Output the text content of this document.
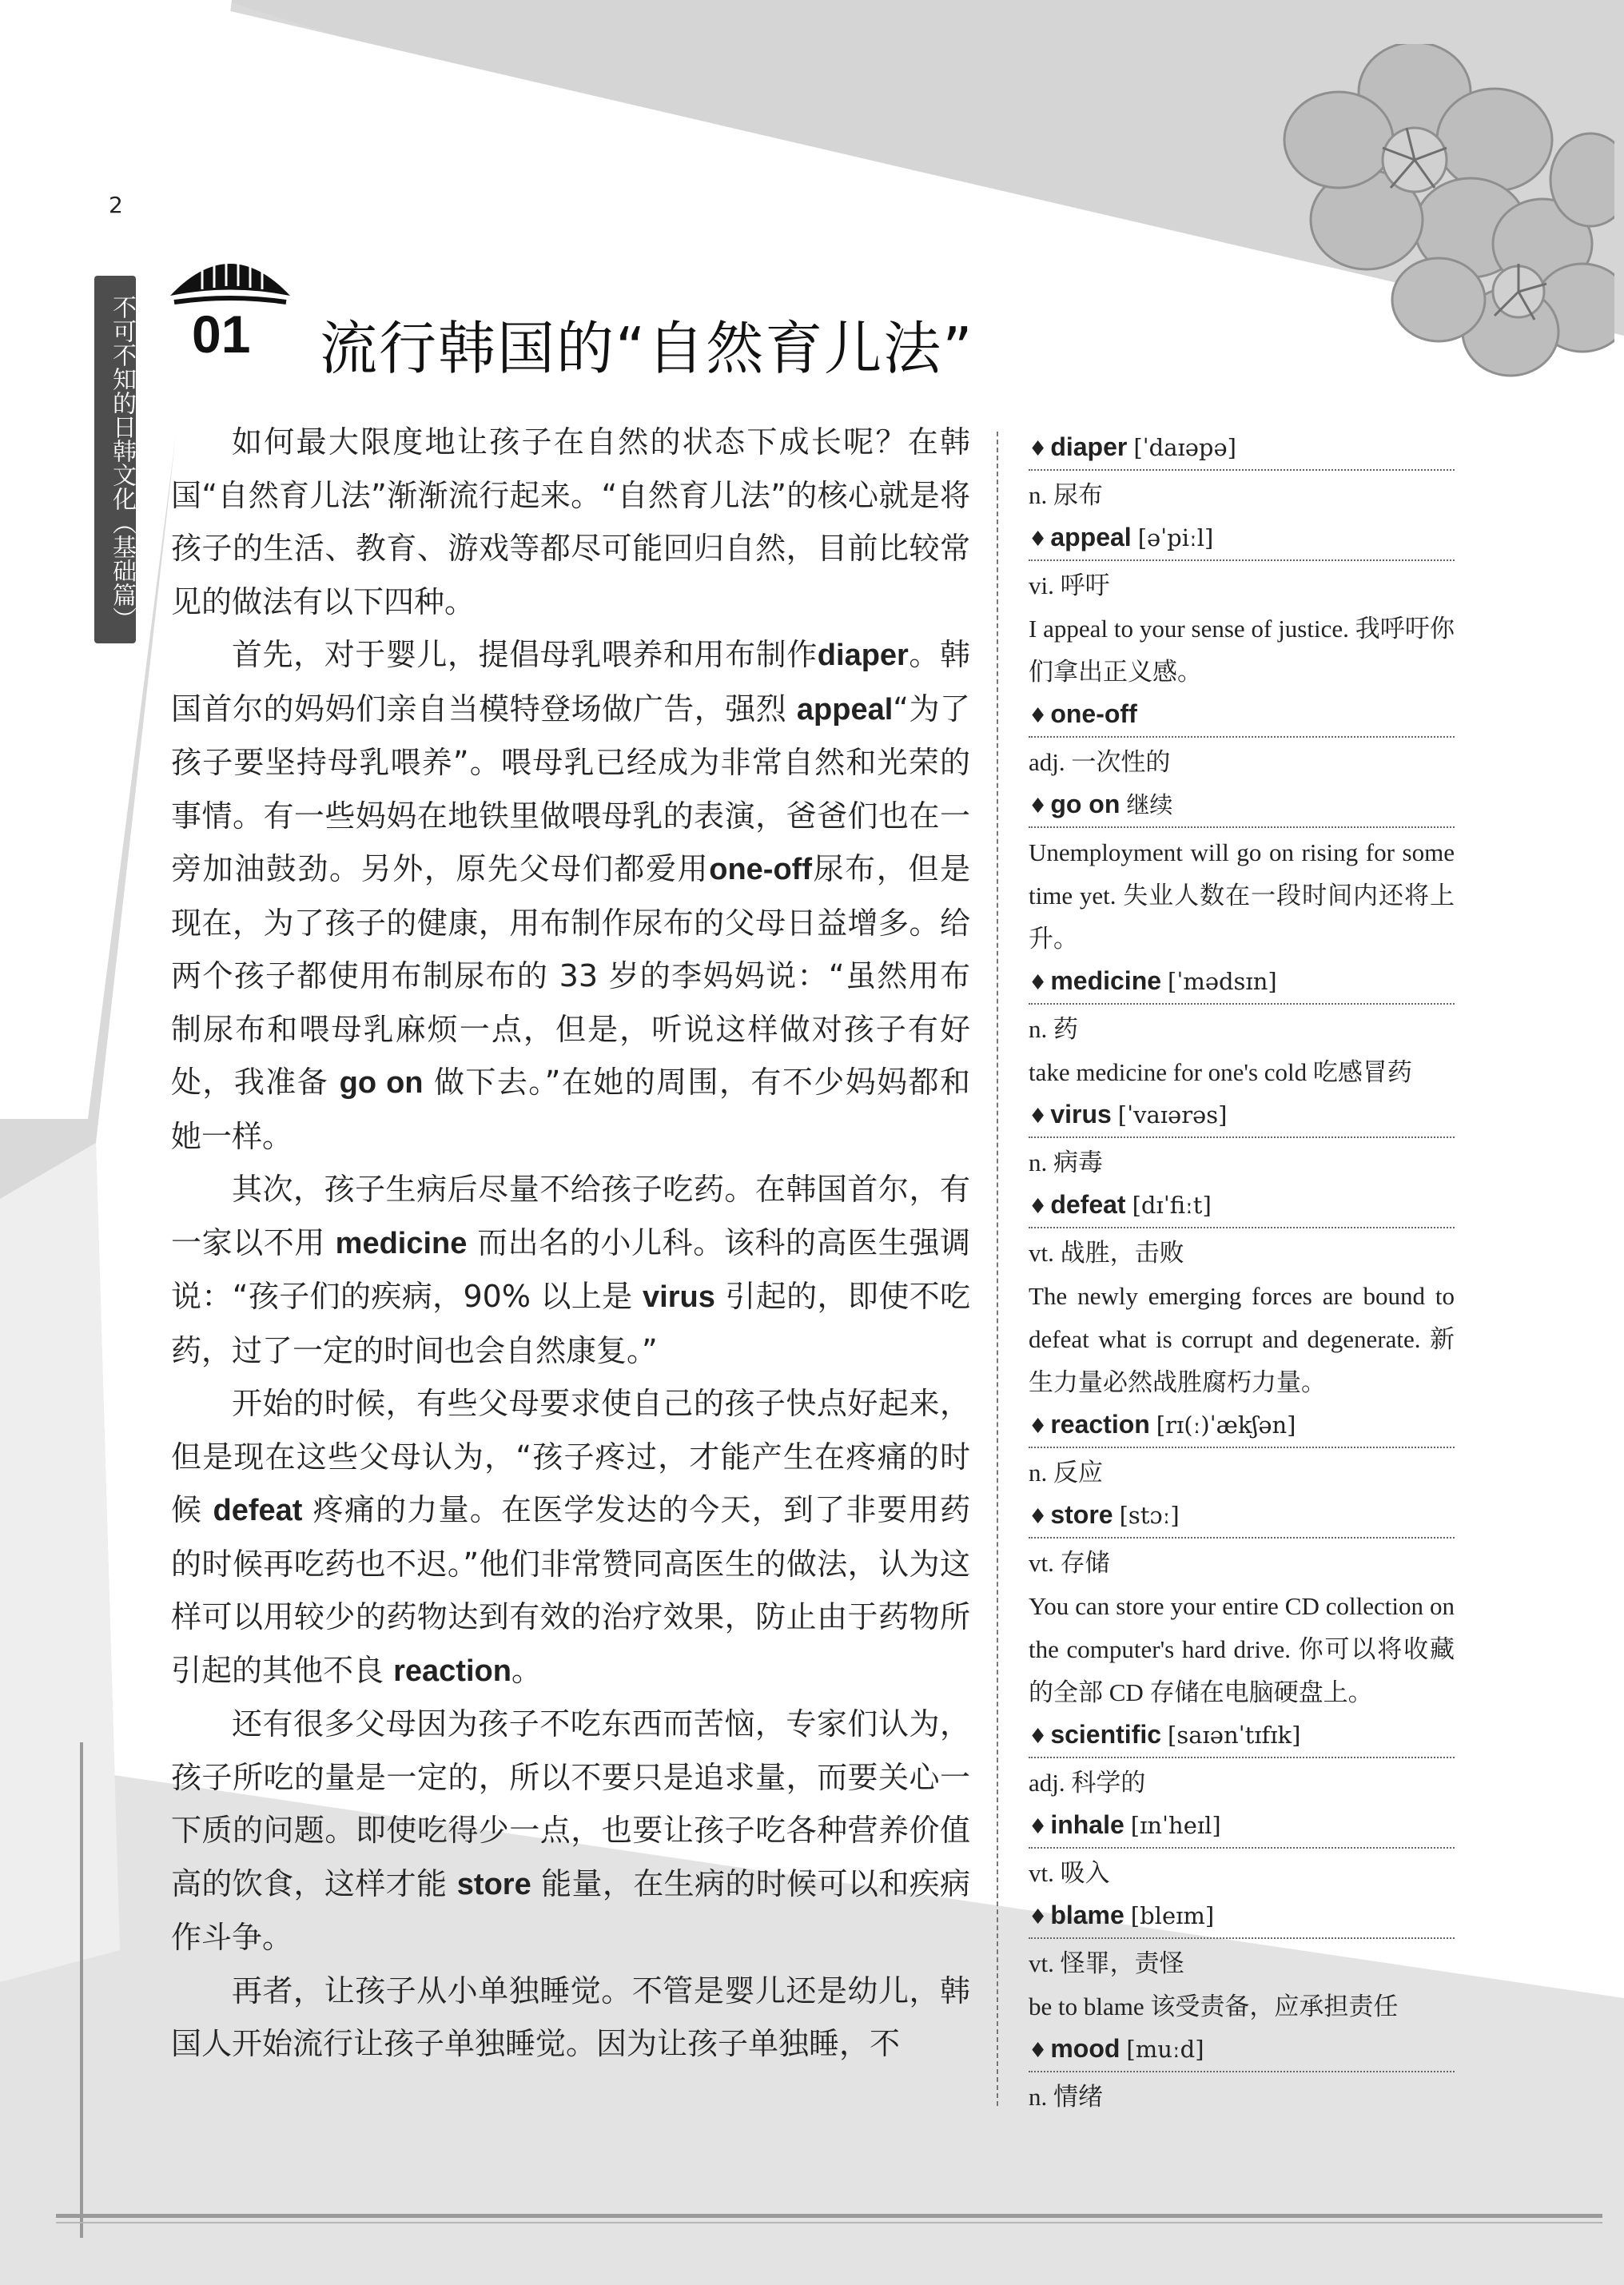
2
不可不知的日韩文化（基础篇） 01 流行韩国的“自然育儿法”

如何最大限度地让孩子在自然的状态下成长呢？在韩国“自然育儿法”渐渐流行起来。“自然育儿法”的核心就是将孩子的生活、教育、游戏等都尽可能回归自然，目前比较常见的做法有以下四种。

首先，对于婴儿，提倡母乳喂养和用布制作diaper。韩国首尔的妈妈们亲自当模特登场做广告，强烈 appeal“为了孩子要坚持母乳喂养”。喂母乳已经成为非常自然和光荣的事情。有一些妈妈在地铁里做喂母乳的表演，爸爸们也在一旁加油鼓劲。另外，原先父母们都爱用one-off尿布，但是现在，为了孩子的健康，用布制作尿布的父母日益增多。给两个孩子都使用布制尿布的 33 岁的李妈妈说：“虽然用布制尿布和喂母乳麻烦一点，但是，听说这样做对孩子有好处，我准备 go on 做下去。”在她的周围，有不少妈妈都和她一样。

其次，孩子生病后尽量不给孩子吃药。在韩国首尔，有一家以不用 medicine 而出名的小儿科。该科的高医生强调说：“孩子们的疾病，90% 以上是 virus 引起的，即使不吃药，过了一定的时间也会自然康复。”

开始的时候，有些父母要求使自己的孩子快点好起来，但是现在这些父母认为，“孩子疼过，才能产生在疼痛的时候 defeat 疼痛的力量。在医学发达的今天，到了非要用药的时候再吃药也不迟。”他们非常赞同高医生的做法，认为这样可以用较少的药物达到有效的治疗效果，防止由于药物所引起的其他不良 reaction。

还有很多父母因为孩子不吃东西而苦恼，专家们认为，孩子所吃的量是一定的，所以不要只是追求量，而要关心一下质的问题。即使吃得少一点，也要让孩子吃各种营养价值高的饮食，这样才能 store 能量，在生病的时候可以和疾病作斗争。

再者，让孩子从小单独睡觉。不管是婴儿还是幼儿，韩国人开始流行让孩子单独睡觉。因为让孩子单独睡，不

♦ diaper [ˈdaɪəpə]
n. 尿布
♦ appeal [əˈpiːl]
vi. 呼吁
I appeal to your sense of justice. 我呼吁你们拿出正义感。
♦ one-off
adj. 一次性的
♦ go on 继续
Unemployment will go on rising for some time yet. 失业人数在一段时间内还将上升。
♦ medicine [ˈmədsɪn]
n. 药
take medicine for one's cold 吃感冒药
♦ virus [ˈvaɪərəs]
n. 病毒
♦ defeat [dɪˈfiːt]
vt. 战胜，击败
The newly emerging forces are bound to defeat what is corrupt and degenerate. 新生力量必然战胜腐朽力量。
♦ reaction [rɪ(ː)ˈækʃən]
n. 反应
♦ store [stɔː]
vt. 存储
You can store your entire CD collection on the computer's hard drive. 你可以将收藏的全部 CD 存储在电脑硬盘上。
♦ scientific [saɪənˈtɪfɪk]
adj. 科学的
♦ inhale [ɪnˈheɪl]
vt. 吸入
♦ blame [bleɪm]
vt. 怪罪，责怪
be to blame 该受责备，应承担责任
♦ mood [muːd]
n. 情绪
